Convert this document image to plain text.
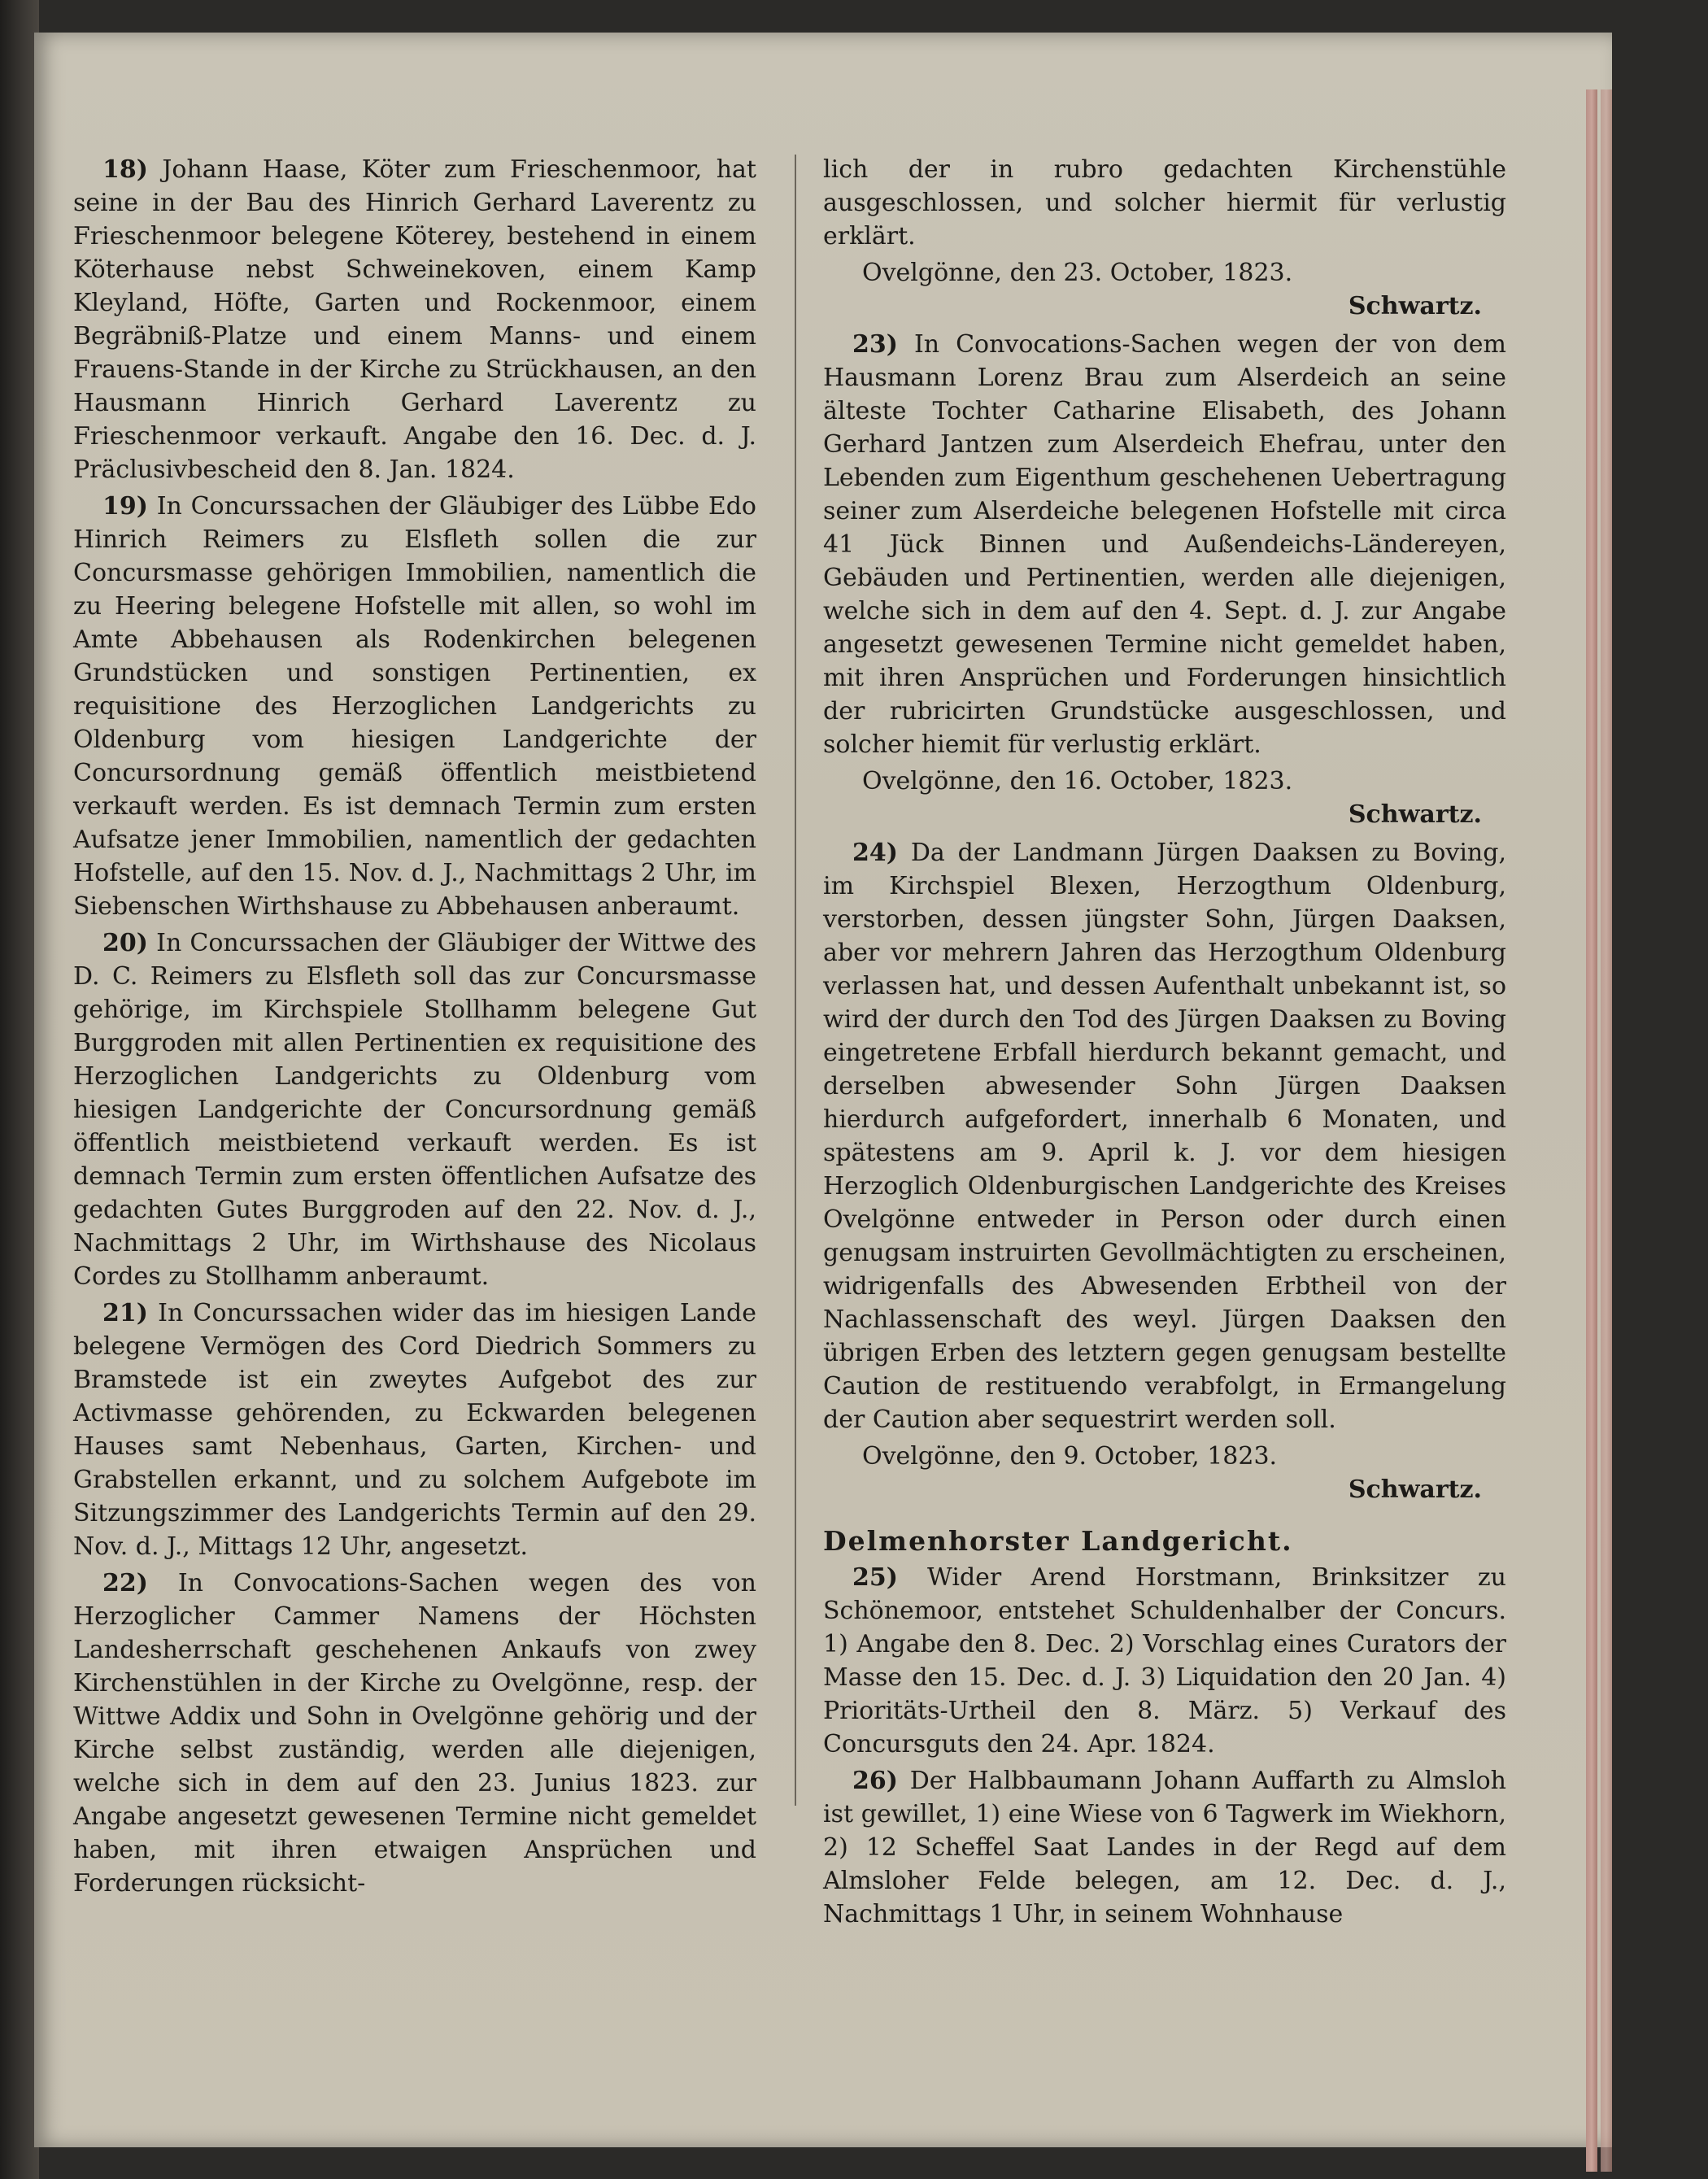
18) Johann Haase, Köter zum Frieschenmoor, hat seine in der Bau des Hinrich Gerhard Laverentz zu Frieschenmoor belegene Köterey, bestehend in einem Köterhause nebst Schweinekoven, einem Kamp Kleyland, Höfte, Garten und Rockenmoor, einem Begräbniß-Platze und einem Manns- und einem Frauens-Stande in der Kirche zu Strückhausen, an den Hausmann Hinrich Gerhard Laverentz zu Frieschenmoor verkauft. Angabe den 16. Dec. d. J. Präclusivbescheid den 8. Jan. 1824.

19) In Concurssachen der Gläubiger des Lübbe Edo Hinrich Reimers zu Elsfleth sollen die zur Concursmasse gehörigen Immobilien, namentlich die zu Heering belegene Hofstelle mit allen, so wohl im Amte Abbehausen als Rodenkirchen belegenen Grundstücken und sonstigen Pertinentien, ex requisitione des Herzoglichen Landgerichts zu Oldenburg vom hiesigen Landgerichte der Concursordnung gemäß öffentlich meistbietend verkauft werden. Es ist demnach Termin zum ersten Aufsatze jener Immobilien, namentlich der gedachten Hofstelle, auf den 15. Nov. d. J., Nachmittags 2 Uhr, im Siebenschen Wirthshause zu Abbehausen anberaumt.

20) In Concurssachen der Gläubiger der Wittwe des D. C. Reimers zu Elsfleth soll das zur Concursmasse gehörige, im Kirchspiele Stollhamm belegene Gut Burggroden mit allen Pertinentien ex requisitione des Herzoglichen Landgerichts zu Oldenburg vom hiesigen Landgerichte der Concursordnung gemäß öffentlich meistbietend verkauft werden. Es ist demnach Termin zum ersten öffentlichen Aufsatze des gedachten Gutes Burggroden auf den 22. Nov. d. J., Nachmittags 2 Uhr, im Wirthshause des Nicolaus Cordes zu Stollhamm anberaumt.

21) In Concurssachen wider das im hiesigen Lande belegene Vermögen des Cord Diedrich Sommers zu Bramstede ist ein zweytes Aufgebot des zur Activmasse gehörenden, zu Eckwarden belegenen Hauses samt Nebenhaus, Garten, Kirchen- und Grabstellen erkannt, und zu solchem Aufgebote im Sitzungszimmer des Landgerichts Termin auf den 29. Nov. d. J., Mittags 12 Uhr, angesetzt.

22) In Convocations-Sachen wegen des von Herzoglicher Cammer Namens der Höchsten Landesherrschaft geschehenen Ankaufs von zwey Kirchenstühlen in der Kirche zu Ovelgönne, resp. der Wittwe Addix und Sohn in Ovelgönne gehörig und der Kirche selbst zuständig, werden alle diejenigen, welche sich in dem auf den 23. Junius 1823. zur Angabe angesetzt gewesenen Termine nicht gemeldet haben, mit ihren etwaigen Ansprüchen und Forderungen rücksicht-

lich der in rubro gedachten Kirchenstühle ausgeschlossen, und solcher hiermit für verlustig erklärt.

Ovelgönne, den 23. October, 1823.

Schwartz.

23) In Convocations-Sachen wegen der von dem Hausmann Lorenz Brau zum Alserdeich an seine älteste Tochter Catharine Elisabeth, des Johann Gerhard Jantzen zum Alserdeich Ehefrau, unter den Lebenden zum Eigenthum geschehenen Uebertragung seiner zum Alserdeiche belegenen Hofstelle mit circa 41 Jück Binnen und Außendeichs-Ländereyen, Gebäuden und Pertinentien, werden alle diejenigen, welche sich in dem auf den 4. Sept. d. J. zur Angabe angesetzt gewesenen Termine nicht gemeldet haben, mit ihren Ansprüchen und Forderungen hinsichtlich der rubricirten Grundstücke ausgeschlossen, und solcher hiemit für verlustig erklärt.

Ovelgönne, den 16. October, 1823.

Schwartz.

24) Da der Landmann Jürgen Daaksen zu Boving, im Kirchspiel Blexen, Herzogthum Oldenburg, verstorben, dessen jüngster Sohn, Jürgen Daaksen, aber vor mehrern Jahren das Herzogthum Oldenburg verlassen hat, und dessen Aufenthalt unbekannt ist, so wird der durch den Tod des Jürgen Daaksen zu Boving eingetretene Erbfall hierdurch bekannt gemacht, und derselben abwesender Sohn Jürgen Daaksen hierdurch aufgefordert, innerhalb 6 Monaten, und spätestens am 9. April k. J. vor dem hiesigen Herzoglich Oldenburgischen Landgerichte des Kreises Ovelgönne entweder in Person oder durch einen genugsam instruirten Gevollmächtigten zu erscheinen, widrigenfalls des Abwesenden Erbtheil von der Nachlassenschaft des weyl. Jürgen Daaksen den übrigen Erben des letztern gegen genugsam bestellte Caution de restituendo verabfolgt, in Ermangelung der Caution aber sequestrirt werden soll.

Ovelgönne, den 9. October, 1823.

Schwartz.

Delmenhorster Landgericht.

25) Wider Arend Horstmann, Brinksitzer zu Schönemoor, entstehet Schuldenhalber der Concurs. 1) Angabe den 8. Dec. 2) Vorschlag eines Curators der Masse den 15. Dec. d. J. 3) Liquidation den 20 Jan. 4) Prioritäts-Urtheil den 8. März. 5) Verkauf des Concursguts den 24. Apr. 1824.

26) Der Halbbaumann Johann Auffarth zu Almsloh ist gewillet, 1) eine Wiese von 6 Tagwerk im Wiekhorn, 2) 12 Scheffel Saat Landes in der Regd auf dem Almsloher Felde belegen, am 12. Dec. d. J., Nachmittags 1 Uhr, in seinem Wohnhause
